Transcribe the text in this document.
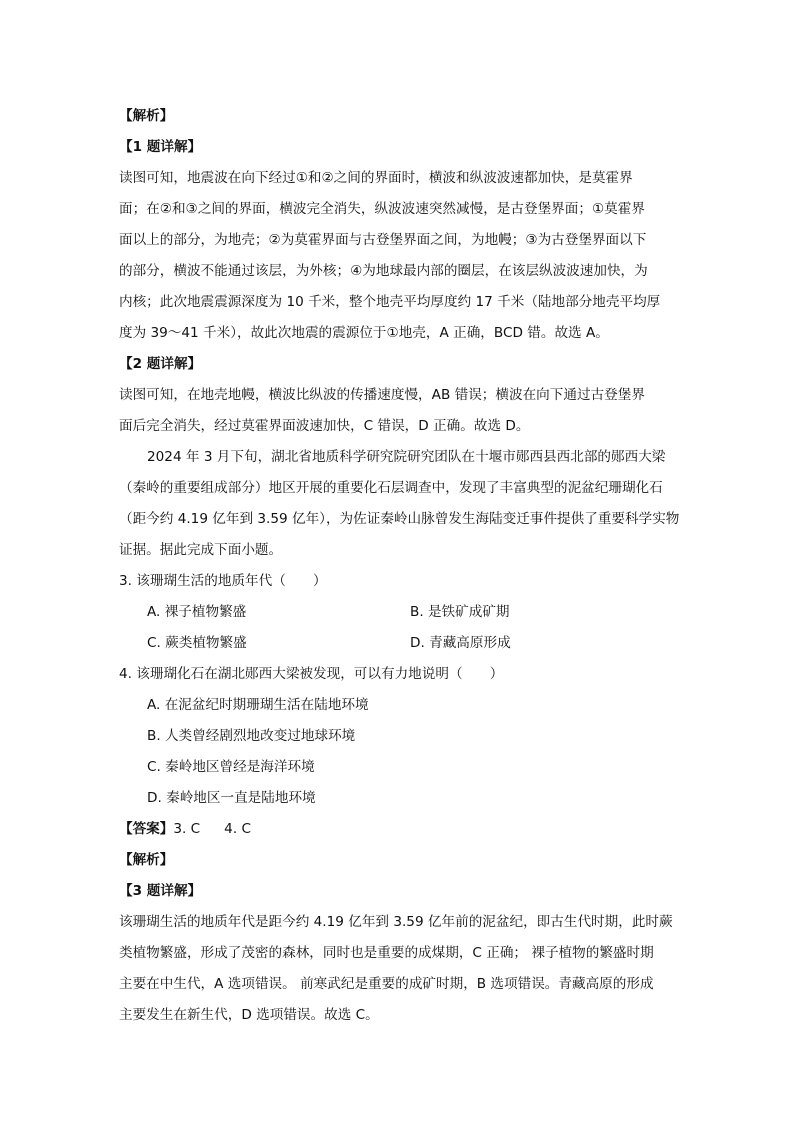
【解析】
【1 题详解】
读图可知，地震波在向下经过①和②之间的界面时，横波和纵波波速都加快，是莫霍界
面；在②和③之间的界面，横波完全消失，纵波波速突然减慢，是古登堡界面；①莫霍界
面以上的部分，为地壳；②为莫霍界面与古登堡界面之间，为地幔；③为古登堡界面以下
的部分，横波不能通过该层，为外核；④为地球最内部的圈层，在该层纵波波速加快，为
内核；此次地震震源深度为 10 千米，整个地壳平均厚度约 17 千米（陆地部分地壳平均厚
度为 39～41 千米），故此次地震的震源位于①地壳，A 正确，BCD 错。故选 A。
【2 题详解】
读图可知，在地壳地幔，横波比纵波的传播速度慢，AB 错误；横波在向下通过古登堡界
面后完全消失，经过莫霍界面波速加快，C 错误，D 正确。故选 D。
2024 年 3 月下旬，湖北省地质科学研究院研究团队在十堰市郧西县西北部的郧西大梁
（秦岭的重要组成部分）地区开展的重要化石层调查中，发现了丰富典型的泥盆纪珊瑚化石
（距今约 4.19 亿年到 3.59 亿年），为佐证秦岭山脉曾发生海陆变迁事件提供了重要科学实物
证据。据此完成下面小题。
3. 该珊瑚生活的地质年代（　　）
A. 裸子植物繁盛	B. 是铁矿成矿期
C. 蕨类植物繁盛	D. 青藏高原形成
4. 该珊瑚化石在湖北郧西大梁被发现，可以有力地说明（　　）
A. 在泥盆纪时期珊瑚生活在陆地环境
B. 人类曾经剧烈地改变过地球环境
C. 秦岭地区曾经是海洋环境
D. 秦岭地区一直是陆地环境
【答案】3. C 4. C
【解析】
【3 题详解】
该珊瑚生活的地质年代是距今约 4.19 亿年到 3.59 亿年前的泥盆纪，即古生代时期，此时蕨
类植物繁盛，形成了茂密的森林，同时也是重要的成煤期，C 正确； 裸子植物的繁盛时期
主要在中生代，A 选项错误。 前寒武纪是重要的成矿时期，B 选项错误。青藏高原的形成
主要发生在新生代，D 选项错误。故选 C。
